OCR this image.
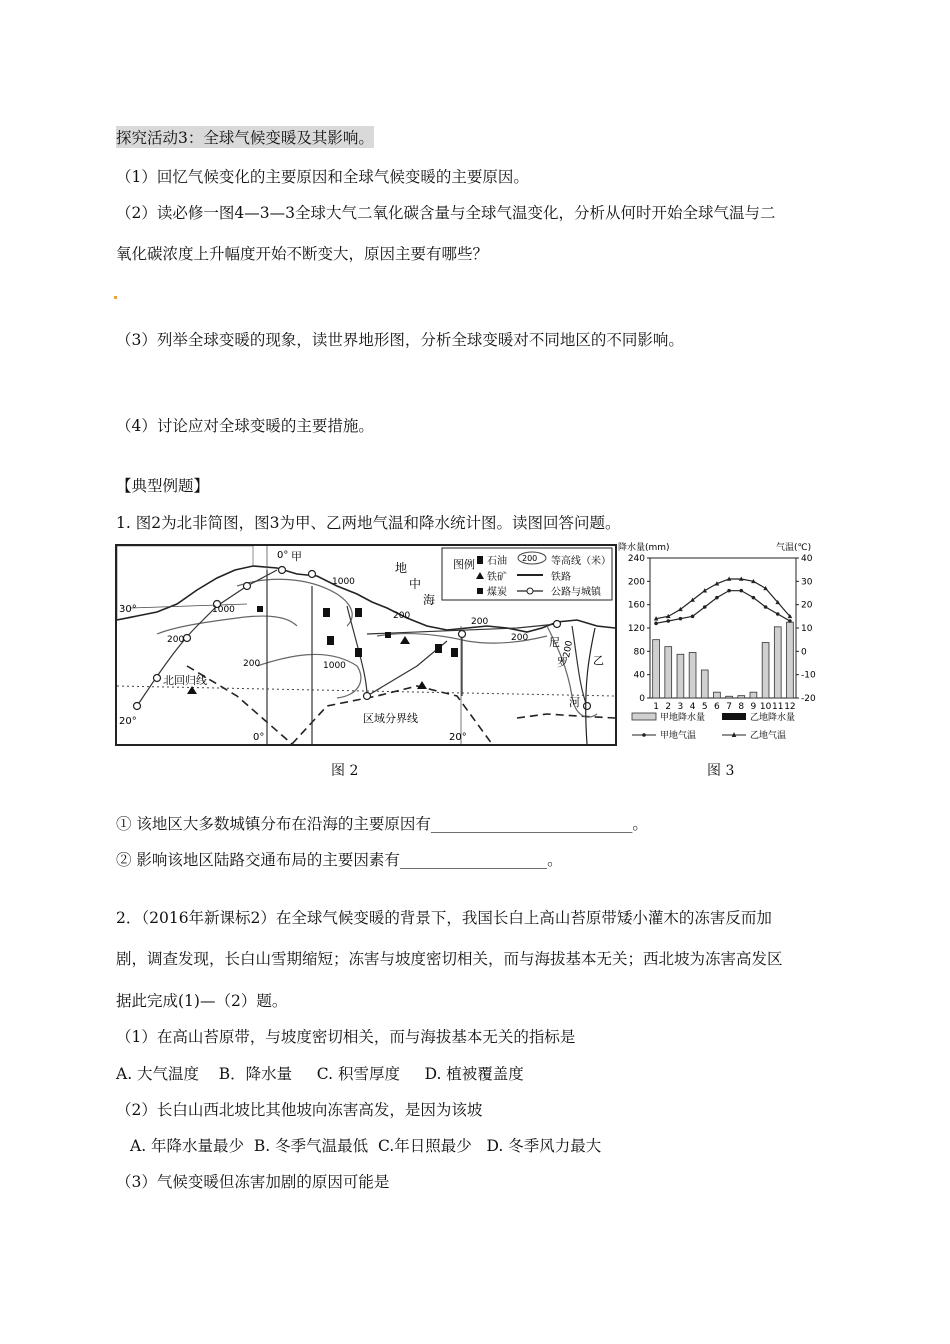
探究活动3：全球气候变暖及其影响。
（1）回忆气候变化的主要原因和全球气候变暖的主要原因。
（2）读必修一图4—3—3全球大气二氧化碳含量与全球气温变化，分析从何时开始全球气温与二
氧化碳浓度上升幅度开始不断变大，原因主要有哪些？
（3）列举全球变暖的现象，读世界地形图，分析全球变暖对不同地区的不同影响。
（4）讨论应对全球变暖的主要措施。
【典型例题】
1. 图2为北非简图，图3为甲、乙两地气温和降水统计图。读图回答问题。
图例 石油 200 等高线（米）
铁矿	铁路
煤炭	公路与城镇
甲
地
中
海
北回归线
区域分界线
尼
罗
河
乙
30°
20°
0°
0°	20°
1000
1000
1000
200
200
200
200
200
200
240
200
160
120
80
40
0
40
30
20
10
0
-10
-20
1 2 3 4 5 6 7 8 9 10 11 12
甲地降水量	乙地降水量
甲地气温	乙地气温
降水量(mm)	气温(℃)
图 2	图 3
① 该地区大多数城镇分布在沿海的主要原因有__________________________。
② 影响该地区陆路交通布局的主要因素有___________________。
2．（2016年新课标2）在全球气候变暖的背景下，我国长白上高山苔原带矮小灌木的冻害反而加
剧，调查发现，长白山雪期缩短；冻害与坡度密切相关，而与海拔基本无关；西北坡为冻害高发区
据此完成(1)—（2）题。
（1）在高山苔原带，与坡度密切相关，而与海拔基本无关的指标是
A. 大气温度    B．降水量     C. 积雪厚度     D. 植被覆盖度
（2）长白山西北坡比其他坡向冻害高发，是因为该坡
A. 年降水量最少  B. 冬季气温最低  C.年日照最少   D. 冬季风力最大
（3）气候变暖但冻害加剧的原因可能是
